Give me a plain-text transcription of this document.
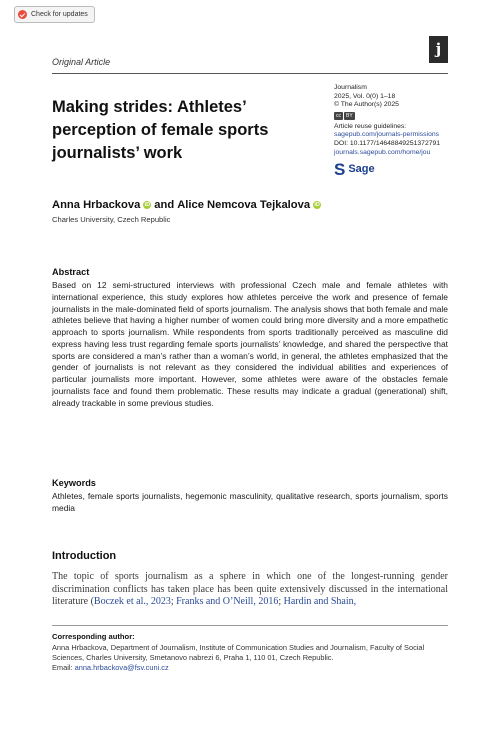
Check for updates
Original Article
j
Making strides: Athletes’ perception of female sports journalists’ work
Journalism
2025, Vol. 0(0) 1–18
© The Author(s) 2025
cc	BY
Article reuse guidelines:
sagepub.com/journals-permissions
DOI: 10.1177/14648849251372791
journals.sagepub.com/home/jou
S Sage
Anna Hrbackova iD and Alice Nemcova Tejkalova iD
Charles University, Czech Republic
Abstract
Based on 12 semi-structured interviews with professional Czech male and female athletes with international experience, this study explores how athletes perceive the work and presence of female journalists in the male-dominated field of sports journalism. The analysis shows that both female and male athletes believe that having a higher number of women could bring more diversity and a more empathetic approach to sports journalism. While respondents from sports traditionally perceived as masculine did express having less trust regarding female sports journalists’ knowledge, and shared the perspective that sports are considered a man’s rather than a woman’s world, in general, the athletes emphasized that the gender of journalists is not relevant as they considered the individual abilities and experiences of particular journalists more important. However, some athletes were aware of the obstacles female journalists face and found them problematic. These results may indicate a gradual (generational) shift, already trackable in some previous studies.
Keywords
Athletes, female sports journalists, hegemonic masculinity, qualitative research, sports journalism, sports media
Introduction
The topic of sports journalism as a sphere in which one of the longest-running gender discrimination conflicts has taken place has been quite extensively discussed in the international literature (Boczek et al., 2023; Franks and O’Neill, 2016; Hardin and Shain,
Corresponding author:
Anna Hrbackova, Department of Journalism, Institute of Communication Studies and Journalism, Faculty of Social Sciences, Charles University, Smetanovo nabrezi 6, Praha 1, 110 01, Czech Republic.
Email: anna.hrbackova@fsv.cuni.cz
